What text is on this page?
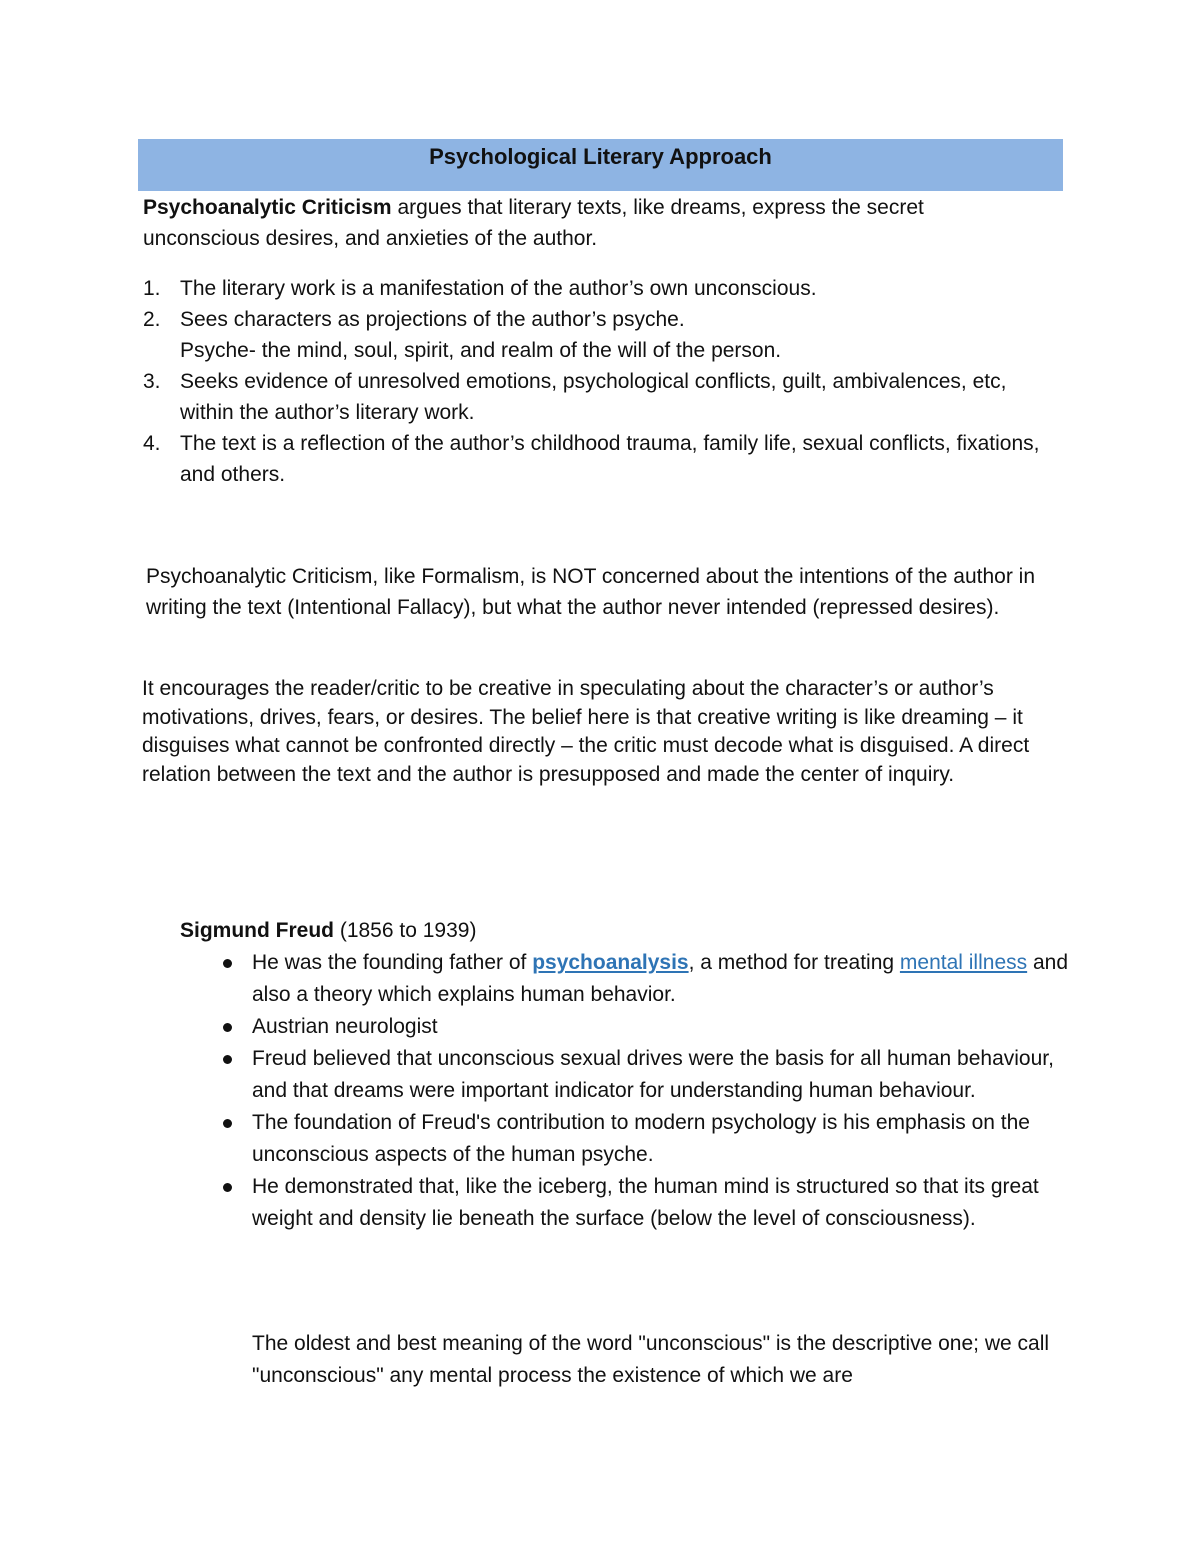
Psychological Literary Approach

Psychoanalytic Criticism argues that literary texts, like dreams, express the secret unconscious desires, and anxieties of the author.

1. The literary work is a manifestation of the author’s own unconscious.
2. Sees characters as projections of the author’s psyche.
Psyche- the mind, soul, spirit, and realm of the will of the person.
3. Seeks evidence of unresolved emotions, psychological conflicts, guilt, ambivalences, etc, within the author’s literary work.
4. The text is a reflection of the author’s childhood trauma, family life, sexual conflicts, fixations, and others.

Psychoanalytic Criticism, like Formalism, is NOT concerned about the intentions of the author in writing the text (Intentional Fallacy), but what the author never intended (repressed desires).

It encourages the reader/critic to be creative in speculating about the character’s or author’s motivations, drives, fears, or desires. The belief here is that creative writing is like dreaming – it disguises what cannot be confronted directly – the critic must decode what is disguised. A direct relation between the text and the author is presupposed and made the center of inquiry.

Sigmund Freud (1856 to 1939)
He was the founding father of psychoanalysis, a method for treating mental illness and also a theory which explains human behavior.
Austrian neurologist
Freud believed that unconscious sexual drives were the basis for all human behaviour, and that dreams were important indicator for understanding human behaviour.
The foundation of Freud's contribution to modern psychology is his emphasis on the unconscious aspects of the human psyche.
He demonstrated that, like the iceberg, the human mind is structured so that its great weight and density lie beneath the surface (below the level of consciousness).

The oldest and best meaning of the word "unconscious" is the descriptive one; we call "unconscious" any mental process the existence of which we are
